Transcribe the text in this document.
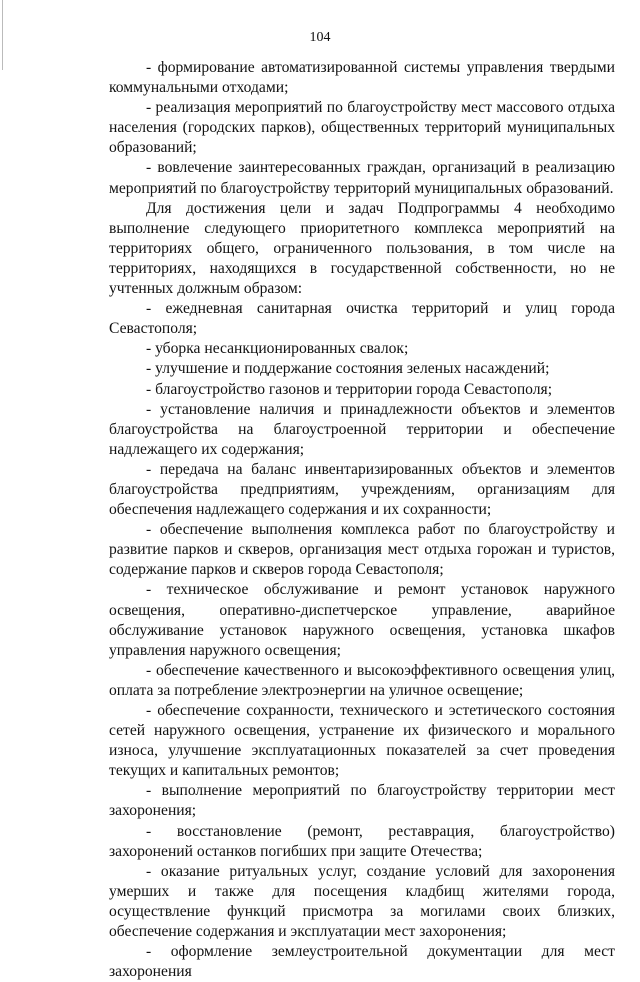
104

- формирование автоматизированной системы управления твердыми коммунальными отходами;

- реализация мероприятий по благоустройству мест массового отдыха населения (городских парков), общественных территорий муниципальных образований;

- вовлечение заинтересованных граждан, организаций в реализацию мероприятий по благоустройству территорий муниципальных образований.

Для достижения цели и задач Подпрограммы 4 необходимо выполнение следующего приоритетного комплекса мероприятий на территориях общего, ограниченного пользования, в том числе на территориях, находящихся в государственной собственности, но не учтенных должным образом:

- ежедневная санитарная очистка территорий и улиц города Севастополя;

- уборка несанкционированных свалок;

- улучшение и поддержание состояния зеленых насаждений;

- благоустройство газонов и территории города Севастополя;

- установление наличия и принадлежности объектов и элементов благоустройства на благоустроенной территории и обеспечение надлежащего их содержания;

- передача на баланс инвентаризированных объектов и элементов благоустройства предприятиям, учреждениям, организациям для обеспечения надлежащего содержания и их сохранности;

- обеспечение выполнения комплекса работ по благоустройству и развитие парков и скверов, организация мест отдыха горожан и туристов, содержание парков и скверов города Севастополя;

- техническое обслуживание и ремонт установок наружного освещения, оперативно-диспетчерское управление, аварийное обслуживание установок наружного освещения, установка шкафов управления наружного освещения;

- обеспечение качественного и высокоэффективного освещения улиц, оплата за потребление электроэнергии на уличное освещение;

- обеспечение сохранности, технического и эстетического состояния сетей наружного освещения, устранение их физического и морального износа, улучшение эксплуатационных показателей за счет проведения текущих и капитальных ремонтов;

- выполнение мероприятий по благоустройству территории мест захоронения;

- восстановление (ремонт, реставрация, благоустройство) захоронений останков погибших при защите Отечества;

- оказание ритуальных услуг, создание условий для захоронения умерших и также для посещения кладбищ жителями города, осуществление функций присмотра за могилами своих близких, обеспечение содержания и эксплуатации мест захоронения;

- оформление землеустроительной документации для мест захоронения
